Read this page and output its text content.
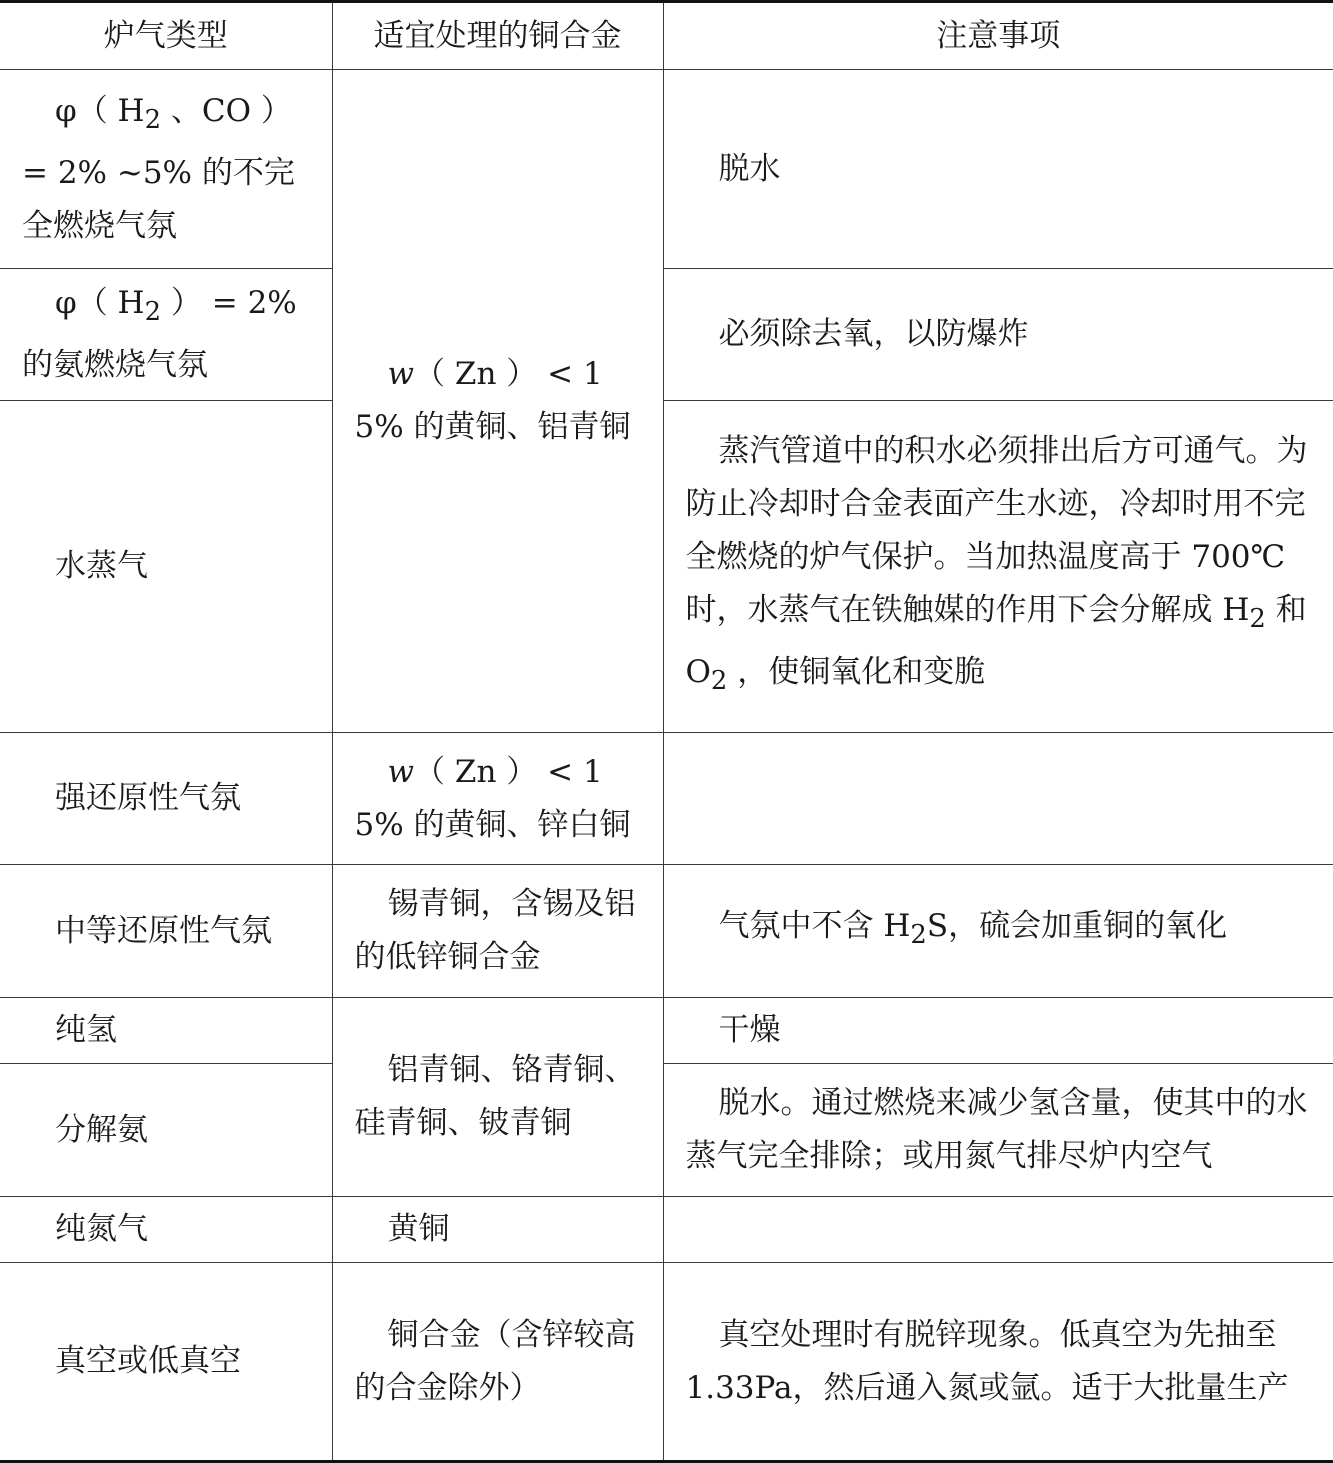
炉气类型	适宜处理的铜合金	注意事项
φ（ $H_2$ 、CO ） = 2% ~5% 的不完全燃烧气氛	w（ Zn ） < 15% 的黄铜、铝青铜	脱水
φ（ $H_2$ ） = 2% 的氨燃烧气氛		必须除去氧，以防爆炸
水蒸气		蒸汽管道中的积水必须排出后方可通气。为防止冷却时合金表面产生水迹，冷却时用不完全燃烧的炉气保护。当加热温度高于 700℃ 时，水蒸气在铁触媒的作用下会分解成 $H_2$ 和 $O_2$ ，使铜氧化和变脆
强还原性气氛	w（ Zn ） < 15% 的黄铜、锌白铜	
中等还原性气氛	锡青铜，含锡及铝的低锌铜合金	气氛中不含 $H_2S$，硫会加重铜的氧化
纯氢	铝青铜、铬青铜、硅青铜、铍青铜	干燥
分解氨		脱水。通过燃烧来减少氢含量，使其中的水蒸气完全排除；或用氮气排尽炉内空气
纯氮气	黄铜	
真空或低真空	铜合金（含锌较高的合金除外）	真空处理时有脱锌现象。低真空为先抽至 1.33Pa，然后通入氮或氩。适于大批量生产
